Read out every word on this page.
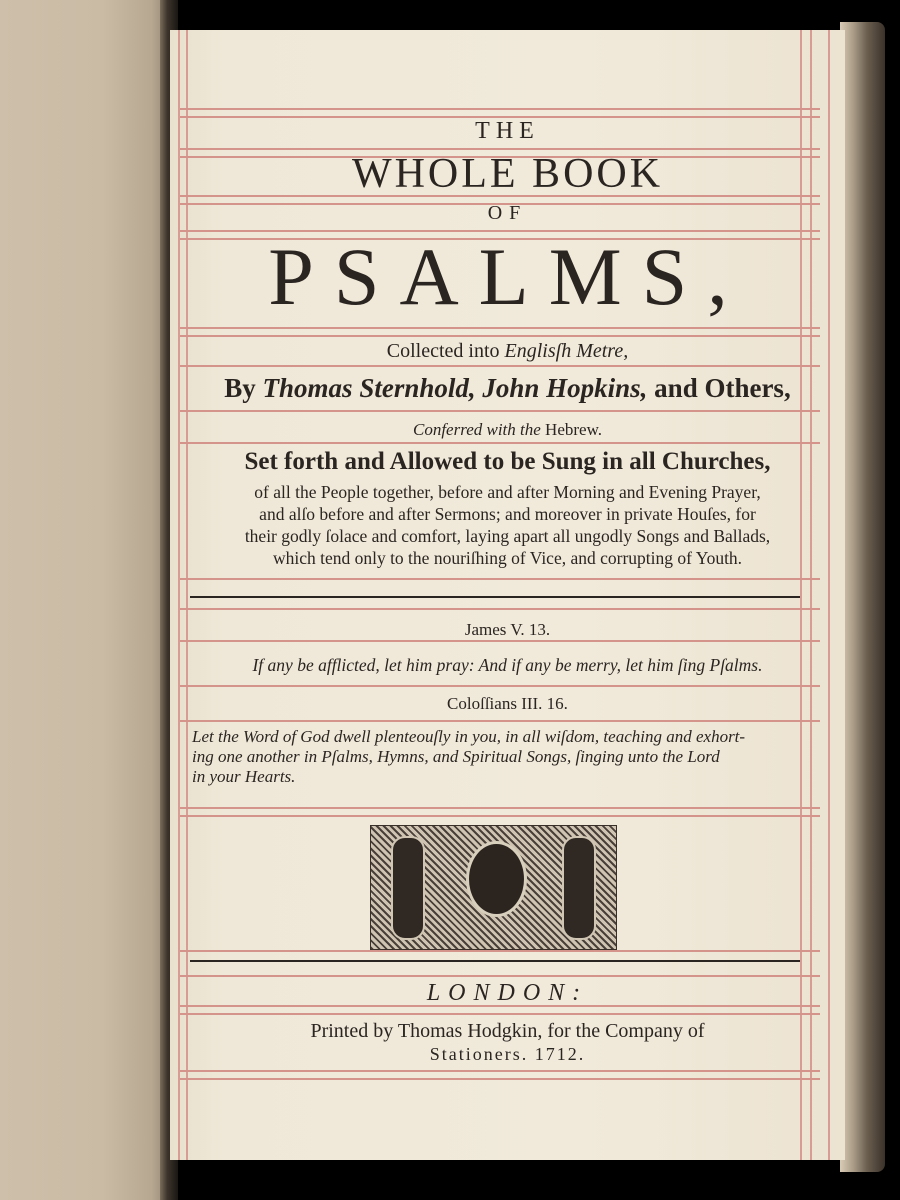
THE
WHOLE BOOK
OF
PSALMS,
Collected into Englisſh Metre,
By Thomas Sternhold, John Hopkins, and Others,
Conferred with the Hebrew.
Set forth and Allowed to be Sung in all Churches,
of all the People together, before and after Morning and Evening Prayer,
and alſo before and after Sermons; and moreover in private Houſes, for
their godly ſolace and comfort, laying apart all ungodly Songs and Ballads,
which tend only to the nouriſhing of Vice, and corrupting of Youth.
James V. 13.
If any be afflicted, let him pray: And if any be merry, let him ſing Pſalms.
Coloſſians III. 16.
Let the Word of God dwell plenteouſly in you, in all wiſdom, teaching and exhort-
ing one another in Pſalms, Hymns, and Spiritual Songs, ſinging unto the Lord
in your Hearts.
LONDON:
Printed by Thomas Hodgkin, for the Company of
Stationers. 1712.
